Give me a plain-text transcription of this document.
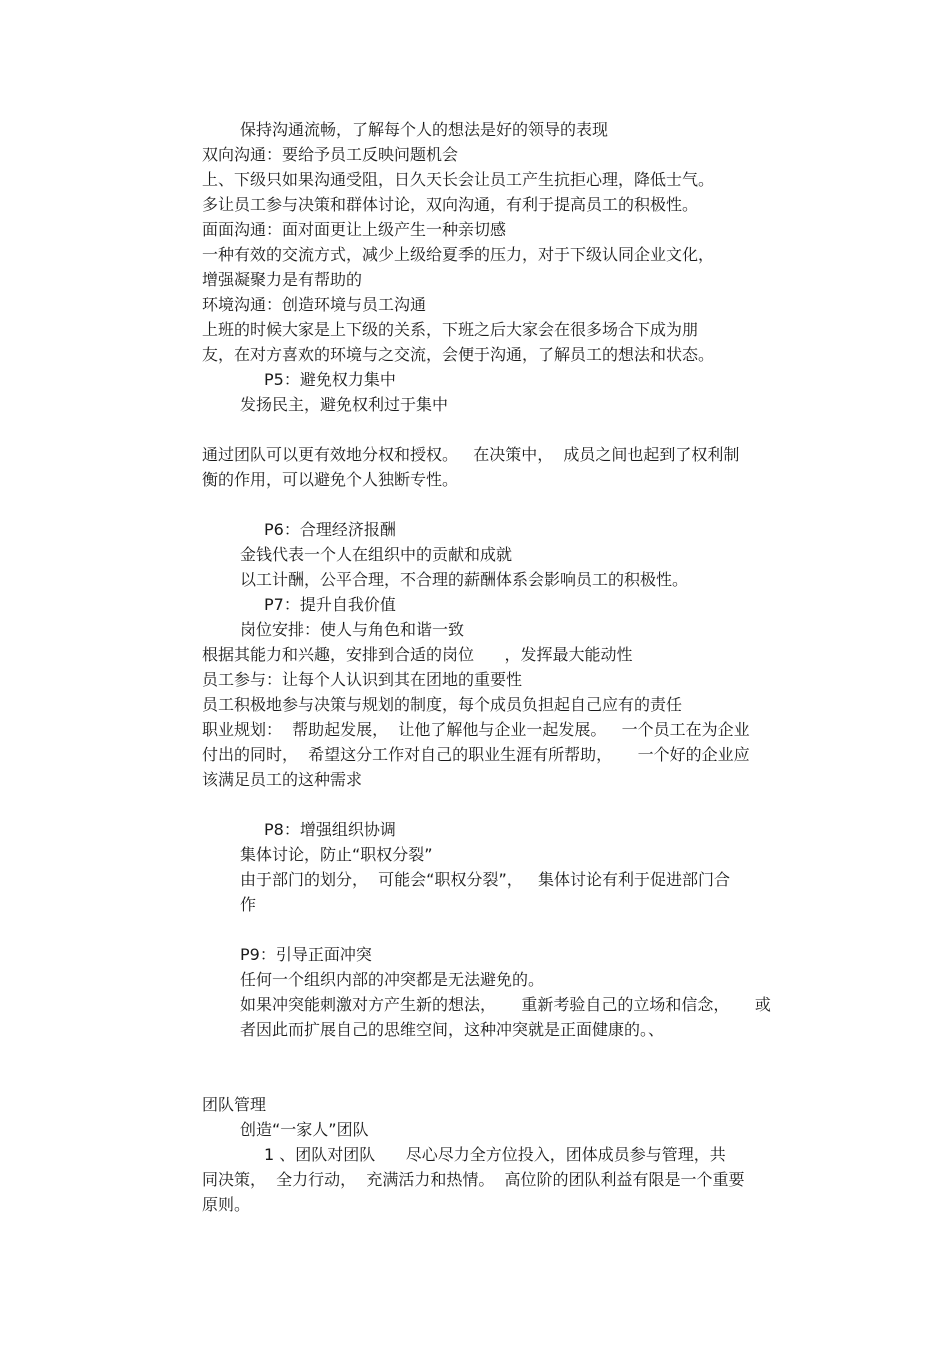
保持沟通流畅，了解每个人的想法是好的领导的表现

双向沟通：要给予员工反映问题机会

上、下级只如果沟通受阻，日久天长会让员工产生抗拒心理，降低士气。

多让员工参与决策和群体讨论，双向沟通，有利于提高员工的积极性。

面面沟通：面对面更让上级产生一种亲切感

一种有效的交流方式，减少上级给夏季的压力，对于下级认同企业文化，

增强凝聚力是有帮助的

环境沟通：创造环境与员工沟通

上班的时候大家是上下级的关系，下班之后大家会在很多场合下成为朋

友，在对方喜欢的环境与之交流，会便于沟通，了解员工的想法和状态。

P5：避免权力集中

发扬民主，避免权利过于集中

通过团队可以更有效地分权和授权。   在决策中，  成员之间也起到了权利制

衡的作用，可以避免个人独断专性。

P6：合理经济报酬

金钱代表一个人在组织中的贡献和成就

以工计酬，公平合理，不合理的薪酬体系会影响员工的积极性。

P7：提升自我价值

岗位安排：使人与角色和谐一致

根据其能力和兴趣，安排到合适的岗位      ，发挥最大能动性

员工参与：让每个人认识到其在团地的重要性

员工积极地参与决策与规划的制度，每个成员负担起自己应有的责任

职业规划：  帮助起发展，  让他了解他与企业一起发展。   一个员工在为企业

付出的同时，  希望这分工作对自己的职业生涯有所帮助，     一个好的企业应

该满足员工的这种需求

P8：增强组织协调

集体讨论，防止“职权分裂”

由于部门的划分，  可能会“职权分裂”，   集体讨论有利于促进部门合

作

P9：引导正面冲突

任何一个组织内部的冲突都是无法避免的。

如果冲突能刺激对方产生新的想法，     重新考验自己的立场和信念，     或

者因此而扩展自己的思维空间，这种冲突就是正面健康的。、

团队管理

创造“一家人”团队

1 、团队对团队      尽心尽力全方位投入，团体成员参与管理，共

同决策，  全力行动，  充满活力和热情。  高位阶的团队利益有限是一个重要

原则。
